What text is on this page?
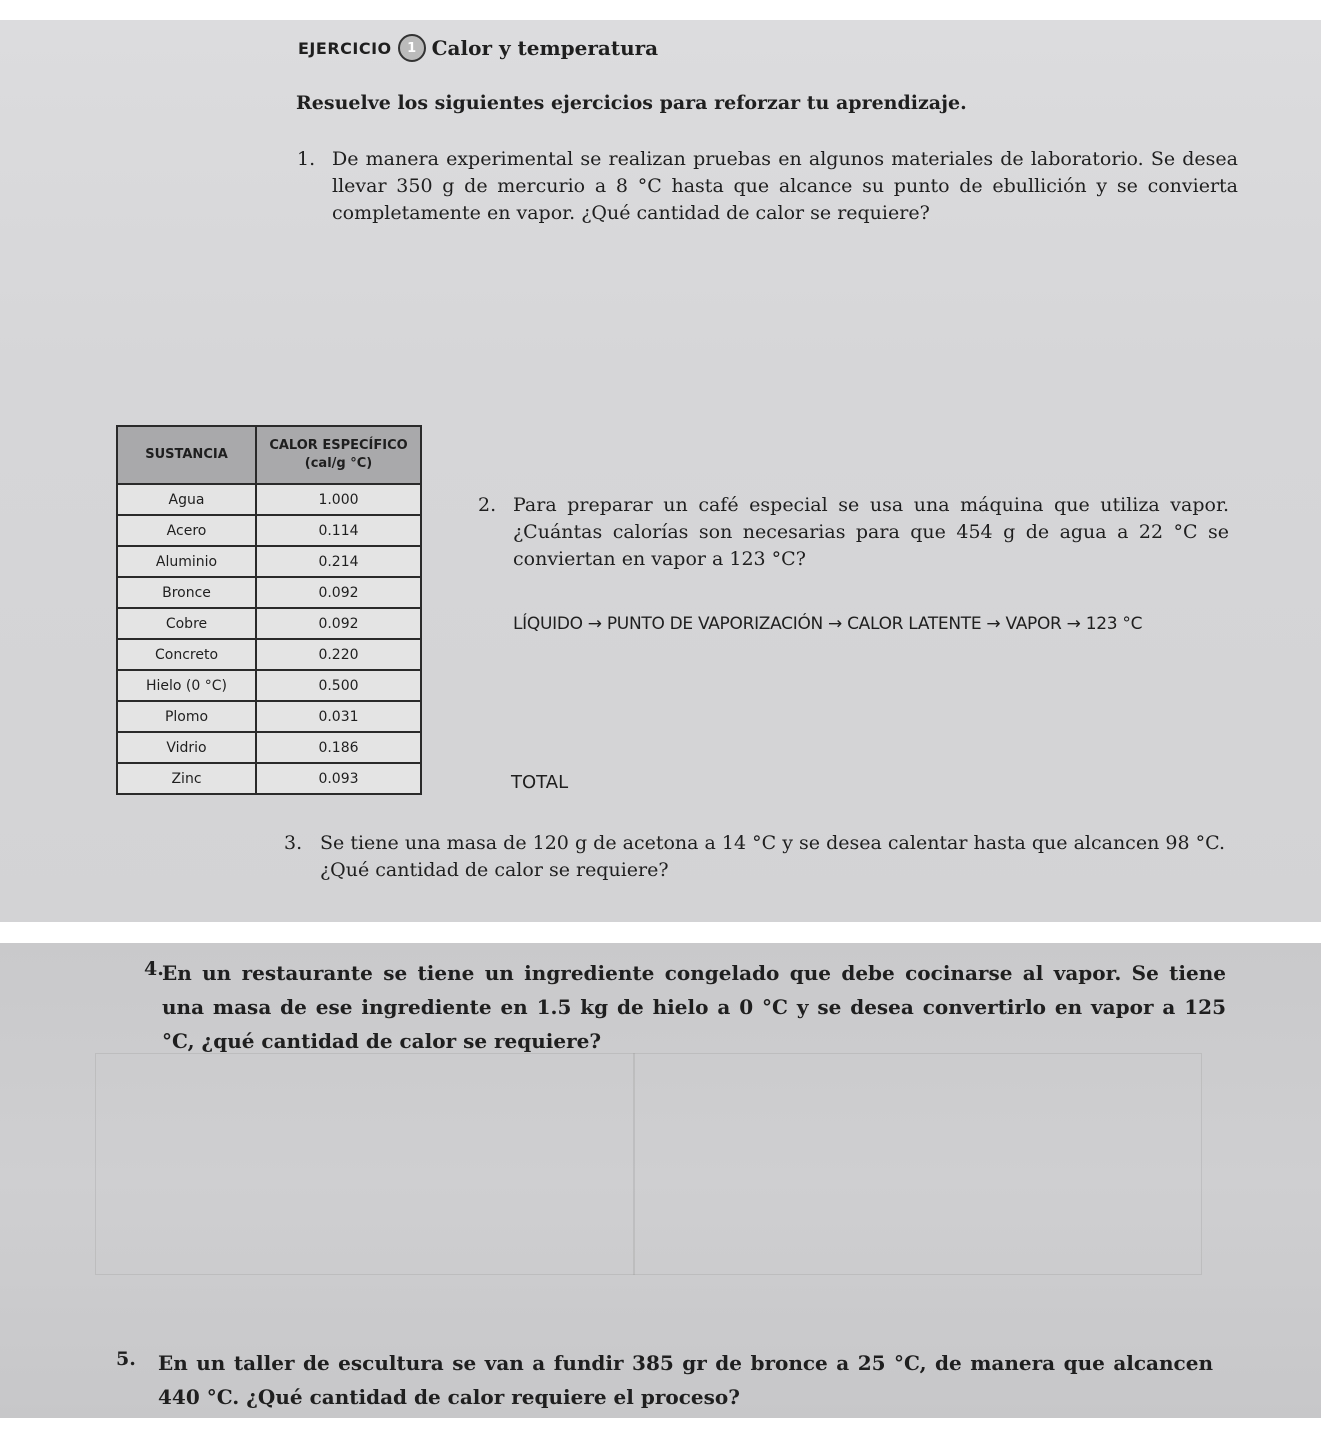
EJERCICIO	1 Calor y temperatura
Resuelve los siguientes ejercicios para reforzar tu aprendizaje.
1. De manera experimental se realizan pruebas en algunos materiales de laboratorio. Se desea llevar 350 g de mercurio a 8 °C hasta que alcance su punto de ebullición y se convierta completamente en vapor. ¿Qué cantidad de calor se requiere?
SUSTANCIA	CALOR ESPECÍFICO (cal/g °C)
Agua	1.000
Acero	0.114
Aluminio	0.214
Bronce	0.092
Cobre	0.092
Concreto	0.220
Hielo (0 °C)	0.500
Plomo	0.031
Vidrio	0.186
Zinc	0.093
2. Para preparar un café especial se usa una máquina que utiliza vapor. ¿Cuántas calorías son necesarias para que 454 g de agua a 22 °C se conviertan en vapor a 123 °C?
LÍQUIDO → PUNTO DE VAPORIZACIÓN → CALOR LATENTE → VAPOR → 123 °C
TOTAL
3. Se tiene una masa de 120 g de acetona a 14 °C y se desea calentar hasta que alcancen 98 °C. ¿Qué cantidad de calor se requiere?
4.
En un restaurante se tiene un ingrediente congelado que debe cocinarse al vapor. Se tiene una masa de ese ingrediente en 1.5 kg de hielo a 0 °C y se desea convertirlo en vapor a 125 °C, ¿qué cantidad de calor se requiere?
5. En un taller de escultura se van a fundir 385 gr de bronce a 25 °C, de manera que alcancen 440 °C. ¿Qué cantidad de calor requiere el proceso?
